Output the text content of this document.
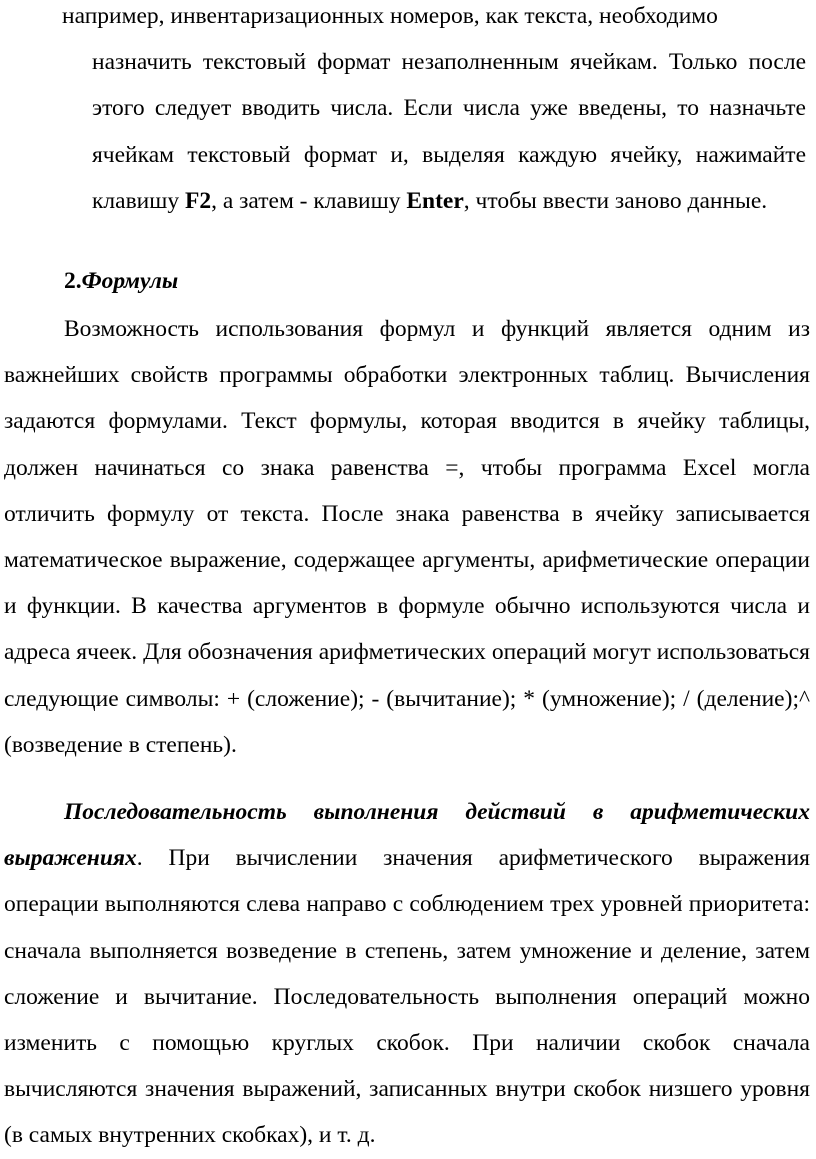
например, инвентаризационных номеров, как текста, необходимо
назначить текстовый формат незаполненным ячейкам. Только после этого следует вводить числа. Если числа уже введены, то назначьте ячейкам текстовый формат и, выделяя каждую ячейку, нажимайте клавишу F2, а затем - клавишу Enter, чтобы ввести заново данные.
2.Формулы
Возможность использования формул и функций является одним из важнейших свойств программы обработки электронных таблиц. Вычисления задаются формулами. Текст формулы, которая вводится в ячейку таблицы, должен начинаться со знака равенства =, чтобы программа Excel могла отличить формулу от текста. После знака равенства в ячейку записывается математическое выражение, содержащее аргументы, арифметические операции и функции. В качества аргументов в формуле обычно используются числа и адреса ячеек. Для обозначения арифметических операций могут использоваться следующие символы: + (сложение); - (вычитание); * (умножение); / (деление);^ (возведение в степень).
Последовательность выполнения действий в арифметических выражениях. При вычислении значения арифметического выражения операции выполняются слева направо с соблюдением трех уровней приоритета: сначала выполняется возведение в степень, затем умножение и деление, затем сложение и вычитание. Последовательность выполнения операций можно изменить с помощью круглых скобок. При наличии скобок сначала вычисляются значения выражений, записанных внутри скобок низшего уровня (в самых внутренних скобках), и т. д.
